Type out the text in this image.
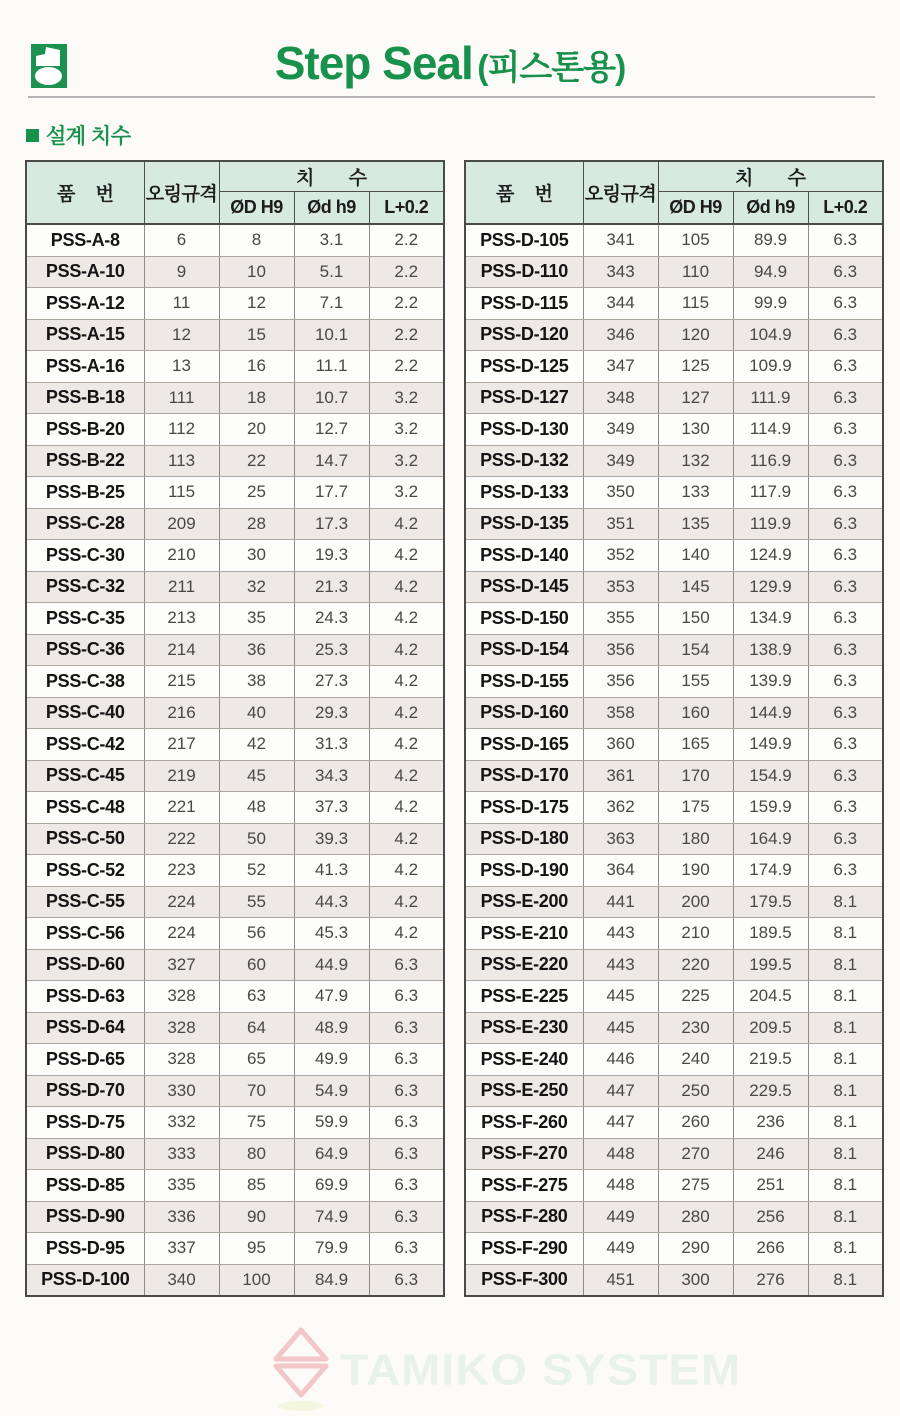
Step Seal (피스톤용)
설계 치수
품 번	오링규격	치 수		
		ØD H9	Ød h9	L+0.2
PSS-A-8	6	8	3.1	2.2
PSS-A-10	9	10	5.1	2.2
PSS-A-12	11	12	7.1	2.2
PSS-A-15	12	15	10.1	2.2
PSS-A-16	13	16	11.1	2.2
PSS-B-18	111	18	10.7	3.2
PSS-B-20	112	20	12.7	3.2
PSS-B-22	113	22	14.7	3.2
PSS-B-25	115	25	17.7	3.2
PSS-C-28	209	28	17.3	4.2
PSS-C-30	210	30	19.3	4.2
PSS-C-32	211	32	21.3	4.2
PSS-C-35	213	35	24.3	4.2
PSS-C-36	214	36	25.3	4.2
PSS-C-38	215	38	27.3	4.2
PSS-C-40	216	40	29.3	4.2
PSS-C-42	217	42	31.3	4.2
PSS-C-45	219	45	34.3	4.2
PSS-C-48	221	48	37.3	4.2
PSS-C-50	222	50	39.3	4.2
PSS-C-52	223	52	41.3	4.2
PSS-C-55	224	55	44.3	4.2
PSS-C-56	224	56	45.3	4.2
PSS-D-60	327	60	44.9	6.3
PSS-D-63	328	63	47.9	6.3
PSS-D-64	328	64	48.9	6.3
PSS-D-65	328	65	49.9	6.3
PSS-D-70	330	70	54.9	6.3
PSS-D-75	332	75	59.9	6.3
PSS-D-80	333	80	64.9	6.3
PSS-D-85	335	85	69.9	6.3
PSS-D-90	336	90	74.9	6.3
PSS-D-95	337	95	79.9	6.3
PSS-D-100	340	100	84.9	6.3
품 번	오링규격	치 수		
		ØD H9	Ød h9	L+0.2
PSS-D-105	341	105	89.9	6.3
PSS-D-110	343	110	94.9	6.3
PSS-D-115	344	115	99.9	6.3
PSS-D-120	346	120	104.9	6.3
PSS-D-125	347	125	109.9	6.3
PSS-D-127	348	127	111.9	6.3
PSS-D-130	349	130	114.9	6.3
PSS-D-132	349	132	116.9	6.3
PSS-D-133	350	133	117.9	6.3
PSS-D-135	351	135	119.9	6.3
PSS-D-140	352	140	124.9	6.3
PSS-D-145	353	145	129.9	6.3
PSS-D-150	355	150	134.9	6.3
PSS-D-154	356	154	138.9	6.3
PSS-D-155	356	155	139.9	6.3
PSS-D-160	358	160	144.9	6.3
PSS-D-165	360	165	149.9	6.3
PSS-D-170	361	170	154.9	6.3
PSS-D-175	362	175	159.9	6.3
PSS-D-180	363	180	164.9	6.3
PSS-D-190	364	190	174.9	6.3
PSS-E-200	441	200	179.5	8.1
PSS-E-210	443	210	189.5	8.1
PSS-E-220	443	220	199.5	8.1
PSS-E-225	445	225	204.5	8.1
PSS-E-230	445	230	209.5	8.1
PSS-E-240	446	240	219.5	8.1
PSS-E-250	447	250	229.5	8.1
PSS-F-260	447	260	236	8.1
PSS-F-270	448	270	246	8.1
PSS-F-275	448	275	251	8.1
PSS-F-280	449	280	256	8.1
PSS-F-290	449	290	266	8.1
PSS-F-300	451	300	276	8.1
TAMIKO SYSTEM
